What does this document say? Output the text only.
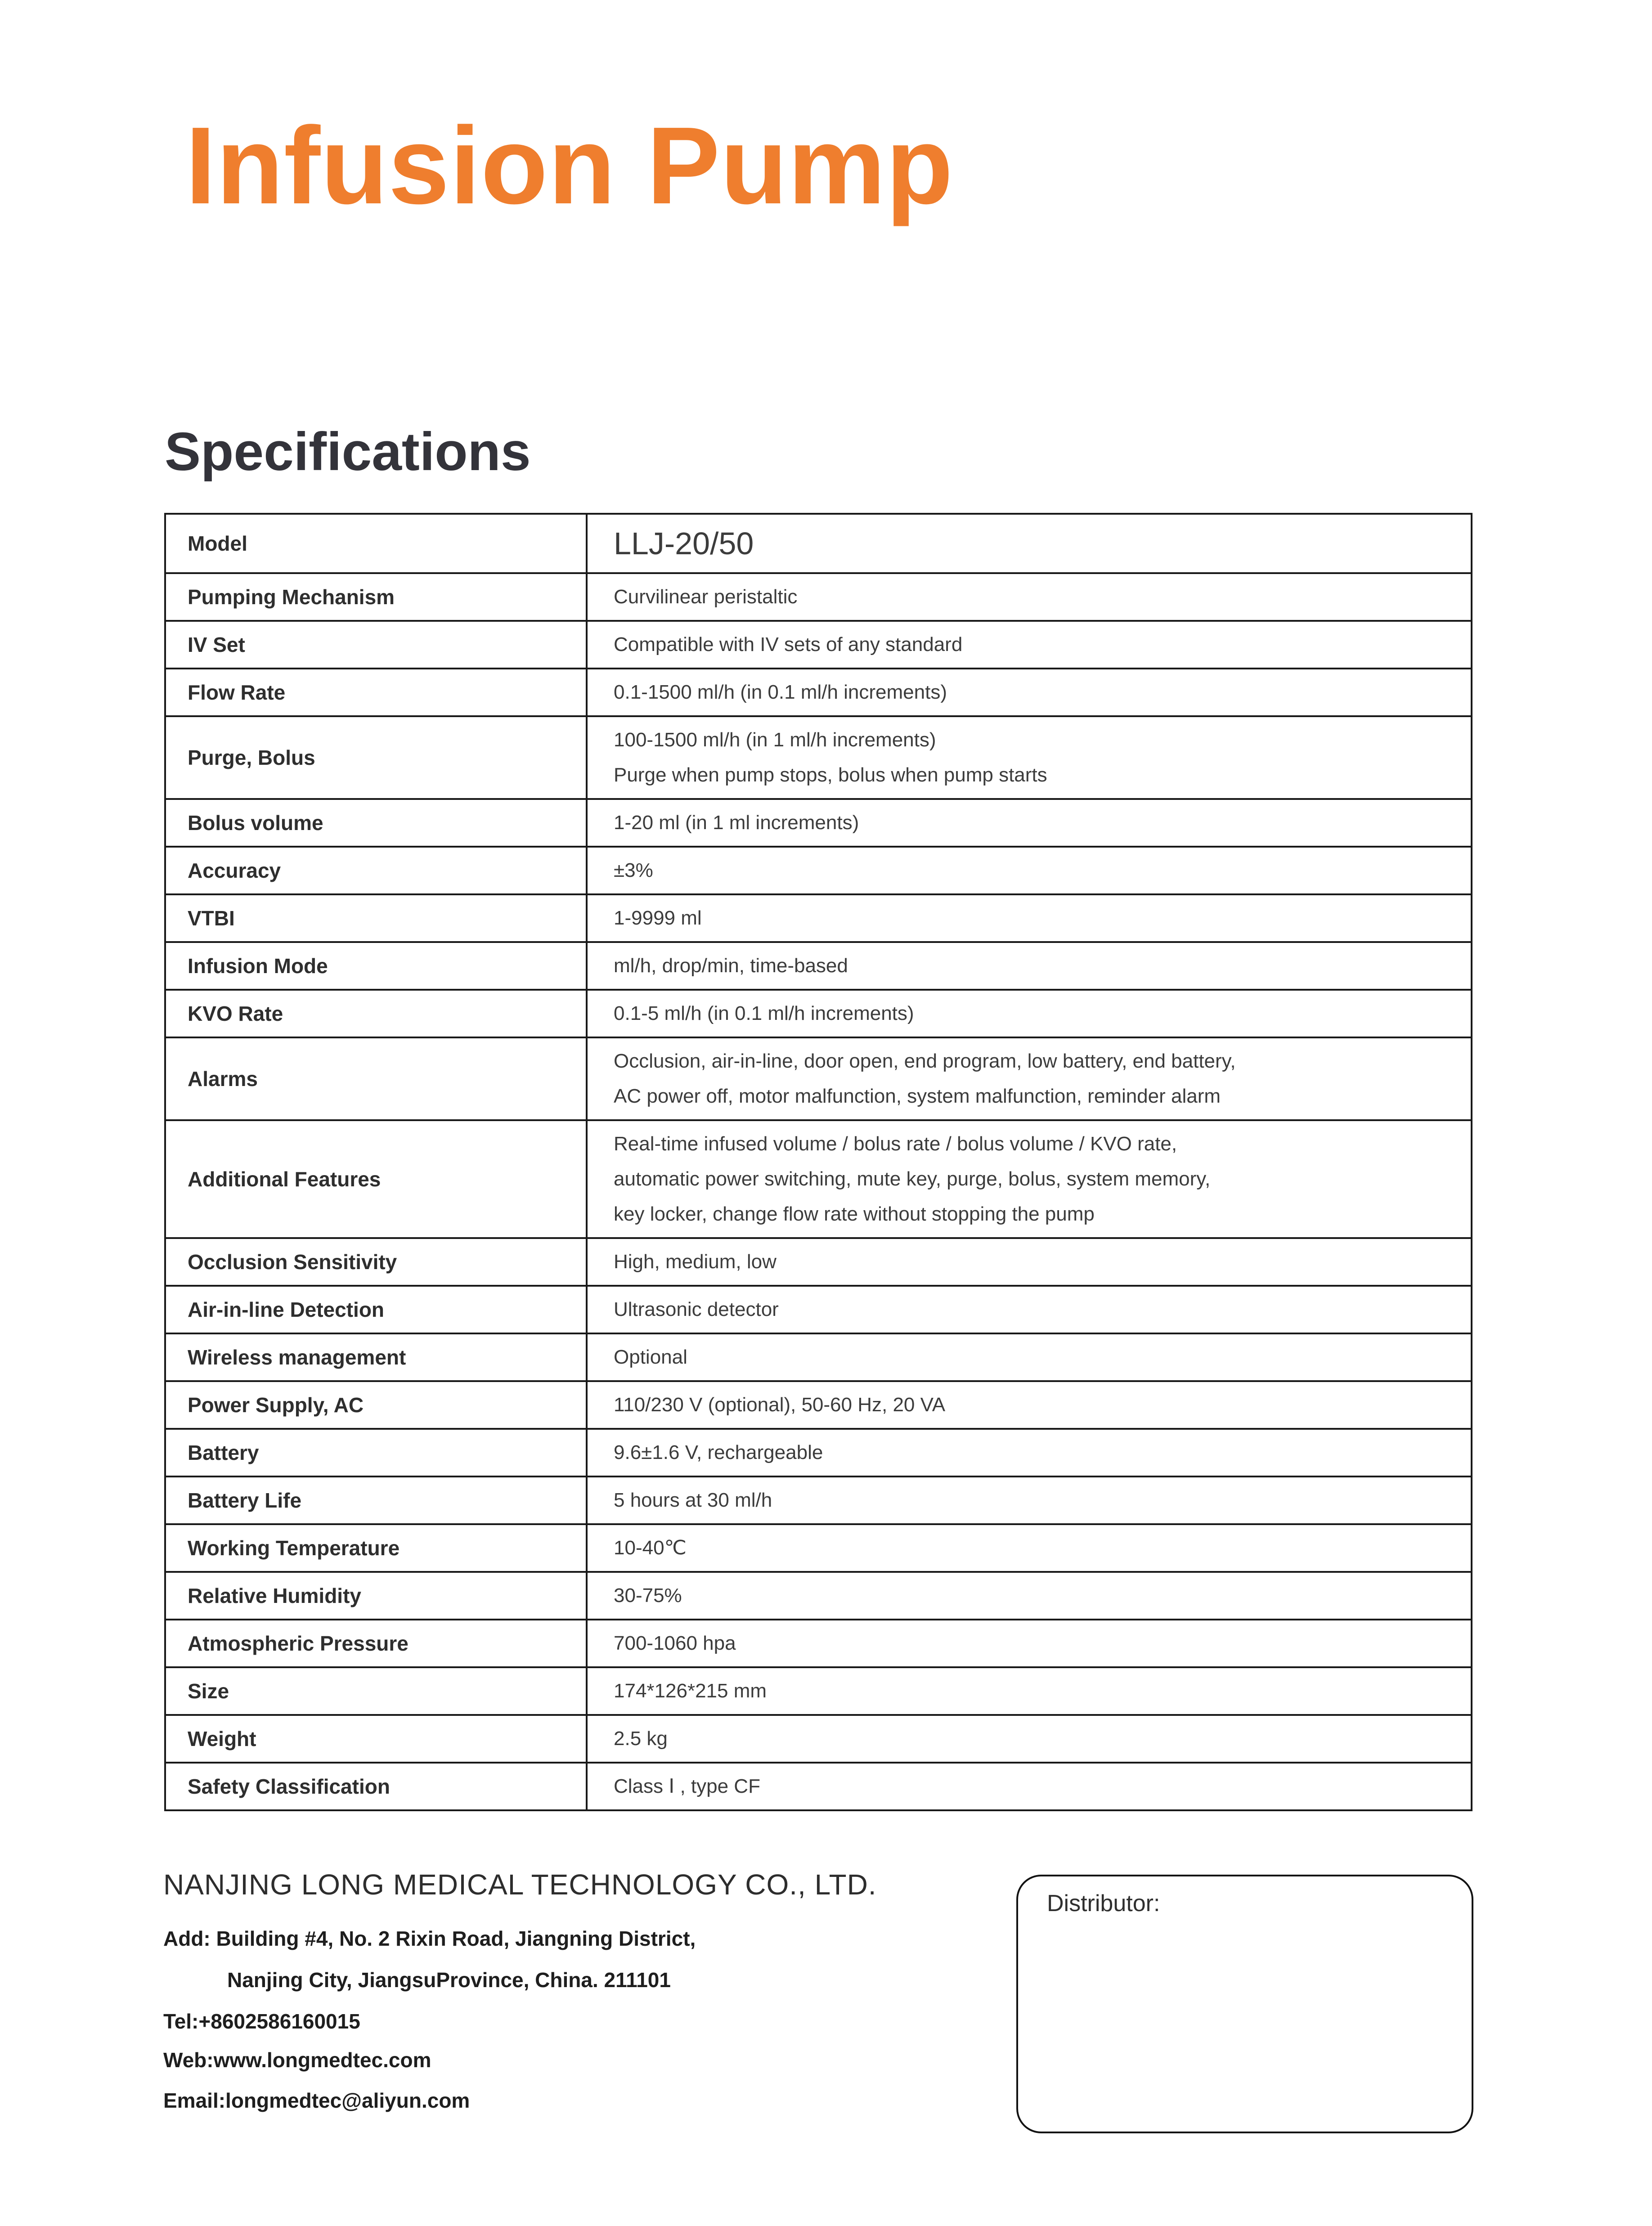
Infusion Pump
Specifications
Model	LLJ-20/50

Pumping Mechanism	Curvilinear peristaltic

IV Set	Compatible with IV sets of any standard

Flow Rate	0.1-1500 ml/h (in 0.1 ml/h increments)

Purge, Bolus	100-1500 ml/h (in 1 ml/h increments)
Purge when pump stops, bolus when pump starts

Bolus volume	1-20 ml (in 1 ml increments)

Accuracy	±3%

VTBI	1-9999 ml

Infusion Mode	ml/h, drop/min, time-based

KVO Rate	0.1-5 ml/h (in 0.1 ml/h increments)

Alarms	Occlusion, air-in-line, door open, end program, low battery, end battery,
AC power off, motor malfunction, system malfunction, reminder alarm

Additional Features	Real-time infused volume / bolus rate / bolus volume / KVO rate,
automatic power switching, mute key, purge, bolus, system memory,
key locker, change flow rate without stopping the pump

Occlusion Sensitivity	High, medium, low

Air-in-line Detection	Ultrasonic detector

Wireless management	Optional

Power Supply, AC	110/230 V (optional), 50-60 Hz, 20 VA

Battery	9.6±1.6 V, rechargeable

Battery Life	5 hours at 30 ml/h

Working Temperature	10-40℃

Relative Humidity	30-75%

Atmospheric Pressure	700-1060 hpa

Size	174*126*215 mm

Weight	2.5 kg

Safety Classification	Class Ⅰ , type CF
NANJING LONG MEDICAL TECHNOLOGY CO., LTD.
Add: Building #4, No. 2 Rixin Road, Jiangning District,
Nanjing City, JiangsuProvince, China. 211101
Tel:+8602586160015
Web:www.longmedtec.com
Email:longmedtec@aliyun.com
Distributor:
